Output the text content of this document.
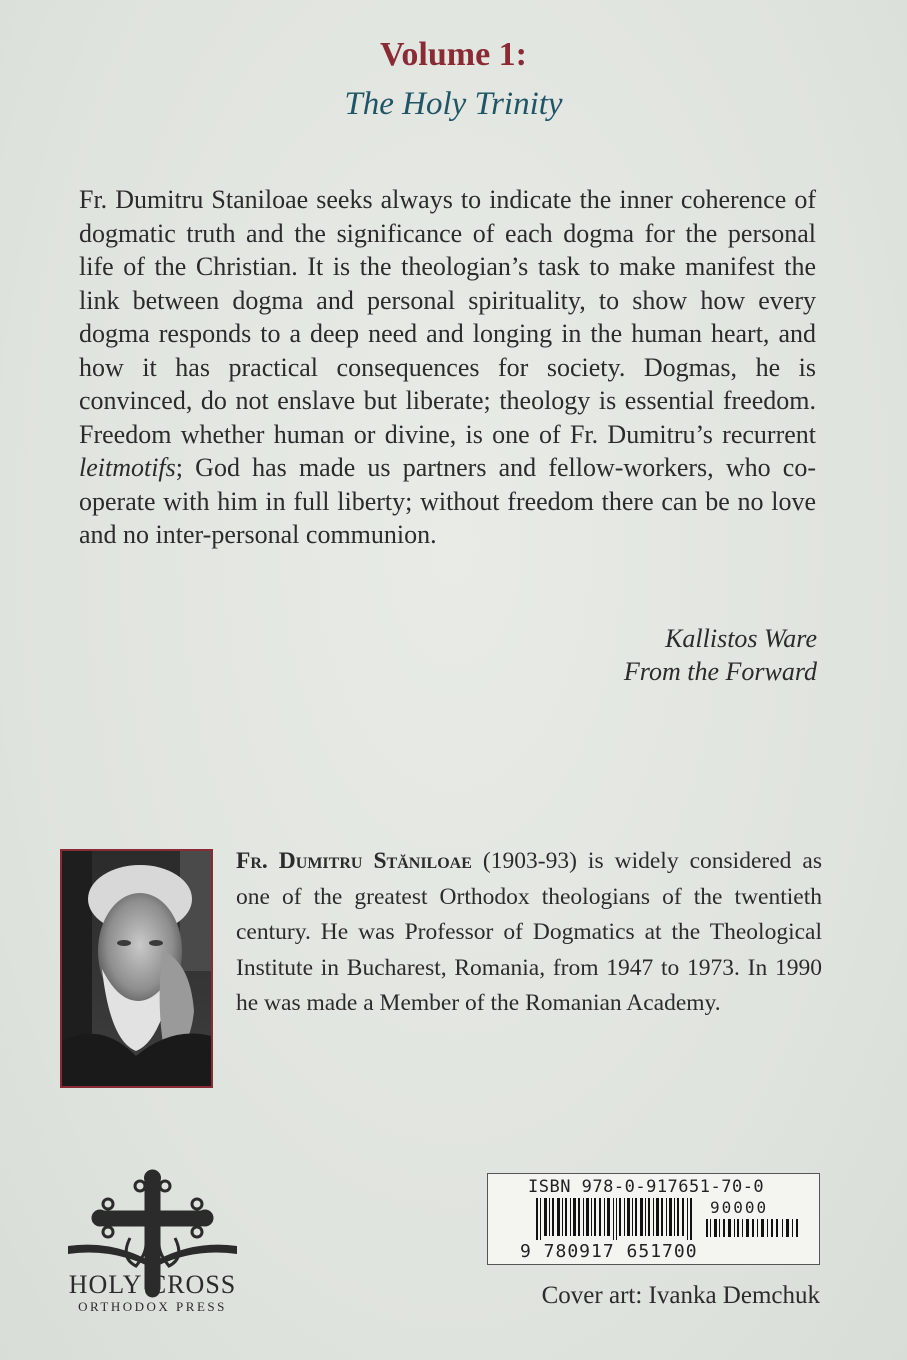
Volume 1:
The Holy Trinity
Fr. Dumitru Staniloae seeks always to indicate the inner coherence of dogmatic truth and the significance of each dogma for the personal life of the Christian. It is the theologian’s task to make manifest the link between dogma and personal spirituality, to show how every dogma responds to a deep need and longing in the human heart, and how it has practical consequences for society. Dogmas, he is convinced, do not enslave but liberate; theology is essential freedom. Freedom whether human or divine, is one of Fr. Dumitru’s recurrent leitmotifs; God has made us partners and fellow-workers, who co-operate with him in full liberty; without freedom there can be no love and no inter-personal communion.
Kallistos Ware
From the Forward
Fr. Dumitru Stăniloae (1903-93) is widely considered as one of the greatest Orthodox theologians of the twentieth century. He was Professor of Dogmatics at the Theological Institute in Bucharest, Romania, from 1947 to 1973. In 1990 he was made a Member of the Romanian Academy.
HOLY CROSS
ORTHODOX PRESS
ISBN 978-0-917651-70-0
90000
9 780917 651700
Cover art: Ivanka Demchuk
